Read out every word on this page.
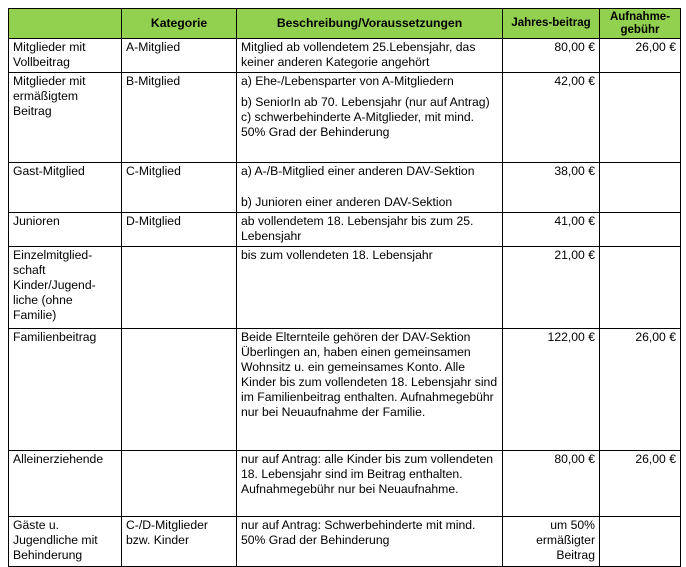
	Kategorie	Beschreibung/Voraussetzungen	Jahres-beitrag	Aufnahme-gebühr
Mitglieder mit Vollbeitrag	A-Mitglied	Mitglied ab vollendetem 25.Lebensjahr, das keiner anderen Kategorie angehört	80,00 €	26,00 €
Mitglieder mit ermäßigtem Beitrag	B-Mitglied	a) Ehe-/Lebensparter von A-Mitgliedern

b) SeniorIn ab 70. Lebensjahr (nur auf Antrag)

c) schwerbehinderte A-Mitglieder, mit mind. 50% Grad der Behinderung	42,00 €	
Gast-Mitglied	C-Mitglied	a) A-/B-Mitglied einer anderen DAV-Sektion

b) Junioren einer anderen DAV-Sektion	38,00 €	
Junioren	D-Mitglied	ab vollendetem 18. Lebensjahr bis zum 25. Lebensjahr	41,00 €	
Einzelmitglied-schaft Kinder/Jugend-liche (ohne Familie)		bis zum vollendeten 18. Lebensjahr	21,00 €	
Familienbeitrag		Beide Elternteile gehören der DAV-Sektion Überlingen an, haben einen gemeinsamen Wohnsitz u. ein gemeinsames Konto. Alle Kinder bis zum vollendeten 18. Lebensjahr sind im Familienbeitrag enthalten. Aufnahmegebühr nur bei Neuaufnahme der Familie.	122,00 €	26,00 €
Alleinerziehende		nur auf Antrag: alle Kinder bis zum vollendeten 18. Lebensjahr sind im Beitrag enthalten. Aufnahmegebühr nur bei Neuaufnahme.	80,00 €	26,00 €
Gäste u. Jugendliche mit Behinderung	C-/D-Mitglieder bzw. Kinder	nur auf Antrag: Schwerbehinderte mit mind. 50% Grad der Behinderung	um 50% ermäßigter Beitrag	
